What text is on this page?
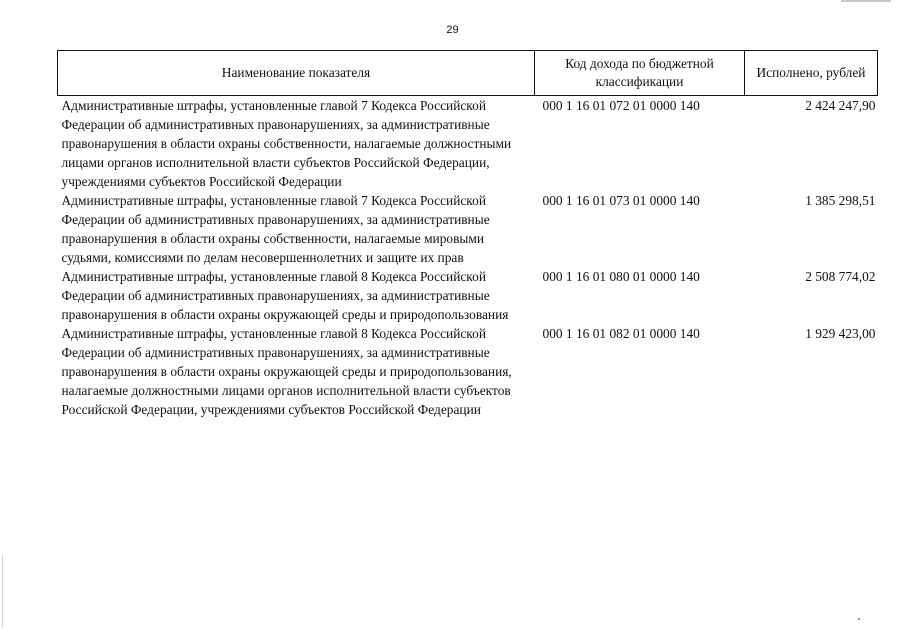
29
Наименование показателя	Код дохода по бюджетной классификации	Исполнено, рублей
Административные штрафы, установленные главой 7 Кодекса Российской Федерации об административных правонарушениях, за административные правонарушения в области охраны собственности, налагаемые должностными лицами органов исполнительной власти субъектов Российской Федерации, учреждениями субъектов Российской Федерации	000 1 16 01 072 01 0000 140	2 424 247,90
Административные штрафы, установленные главой 7 Кодекса Российской Федерации об административных правонарушениях, за административные правонарушения в области охраны собственности, налагаемые мировыми судьями, комиссиями по делам несовершеннолетних и защите их прав	000 1 16 01 073 01 0000 140	1 385 298,51
Административные штрафы, установленные главой 8 Кодекса Российской Федерации об административных правонарушениях, за административные правонарушения в области охраны окружающей среды и природопользования	000 1 16 01 080 01 0000 140	2 508 774,02
Административные штрафы, установленные главой 8 Кодекса Российской Федерации об административных правонарушениях, за административные правонарушения в области охраны окружающей среды и природопользования, налагаемые должностными лицами органов исполнительной власти субъектов Российской Федерации, учреждениями субъектов Российской Федерации	000 1 16 01 082 01 0000 140	1 929 423,00
